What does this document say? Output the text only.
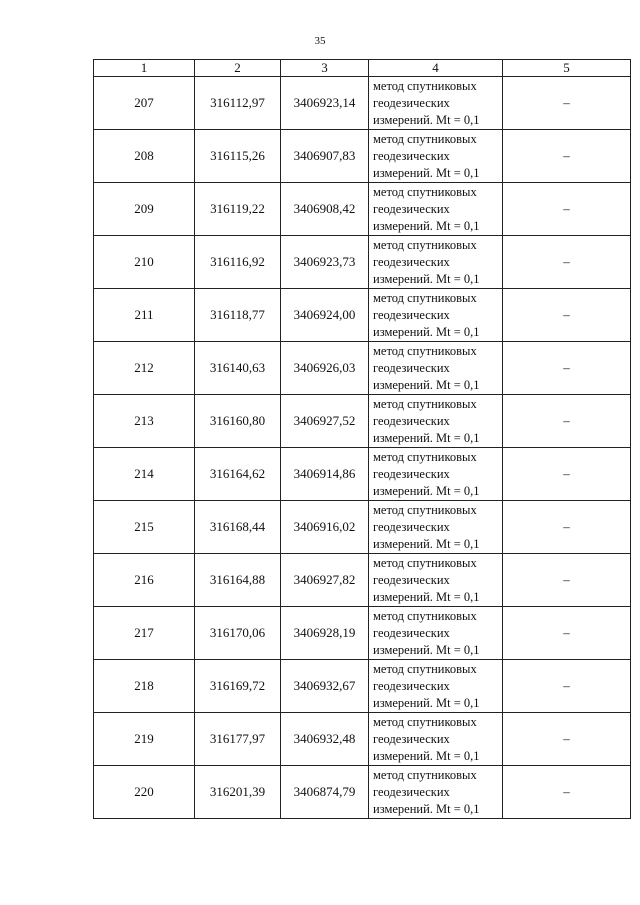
35
1	2	3	4	5
207	316112,97	3406923,14	метод спутниковых
геодезических
измерений. Mt = 0,1	–
208	316115,26	3406907,83	метод спутниковых
геодезических
измерений. Mt = 0,1	–
209	316119,22	3406908,42	метод спутниковых
геодезических
измерений. Mt = 0,1	–
210	316116,92	3406923,73	метод спутниковых
геодезических
измерений. Mt = 0,1	–
211	316118,77	3406924,00	метод спутниковых
геодезических
измерений. Mt = 0,1	–
212	316140,63	3406926,03	метод спутниковых
геодезических
измерений. Mt = 0,1	–
213	316160,80	3406927,52	метод спутниковых
геодезических
измерений. Mt = 0,1	–
214	316164,62	3406914,86	метод спутниковых
геодезических
измерений. Mt = 0,1	–
215	316168,44	3406916,02	метод спутниковых
геодезических
измерений. Mt = 0,1	–
216	316164,88	3406927,82	метод спутниковых
геодезических
измерений. Mt = 0,1	–
217	316170,06	3406928,19	метод спутниковых
геодезических
измерений. Mt = 0,1	–
218	316169,72	3406932,67	метод спутниковых
геодезических
измерений. Mt = 0,1	–
219	316177,97	3406932,48	метод спутниковых
геодезических
измерений. Mt = 0,1	–
220	316201,39	3406874,79	метод спутниковых
геодезических
измерений. Mt = 0,1	–
